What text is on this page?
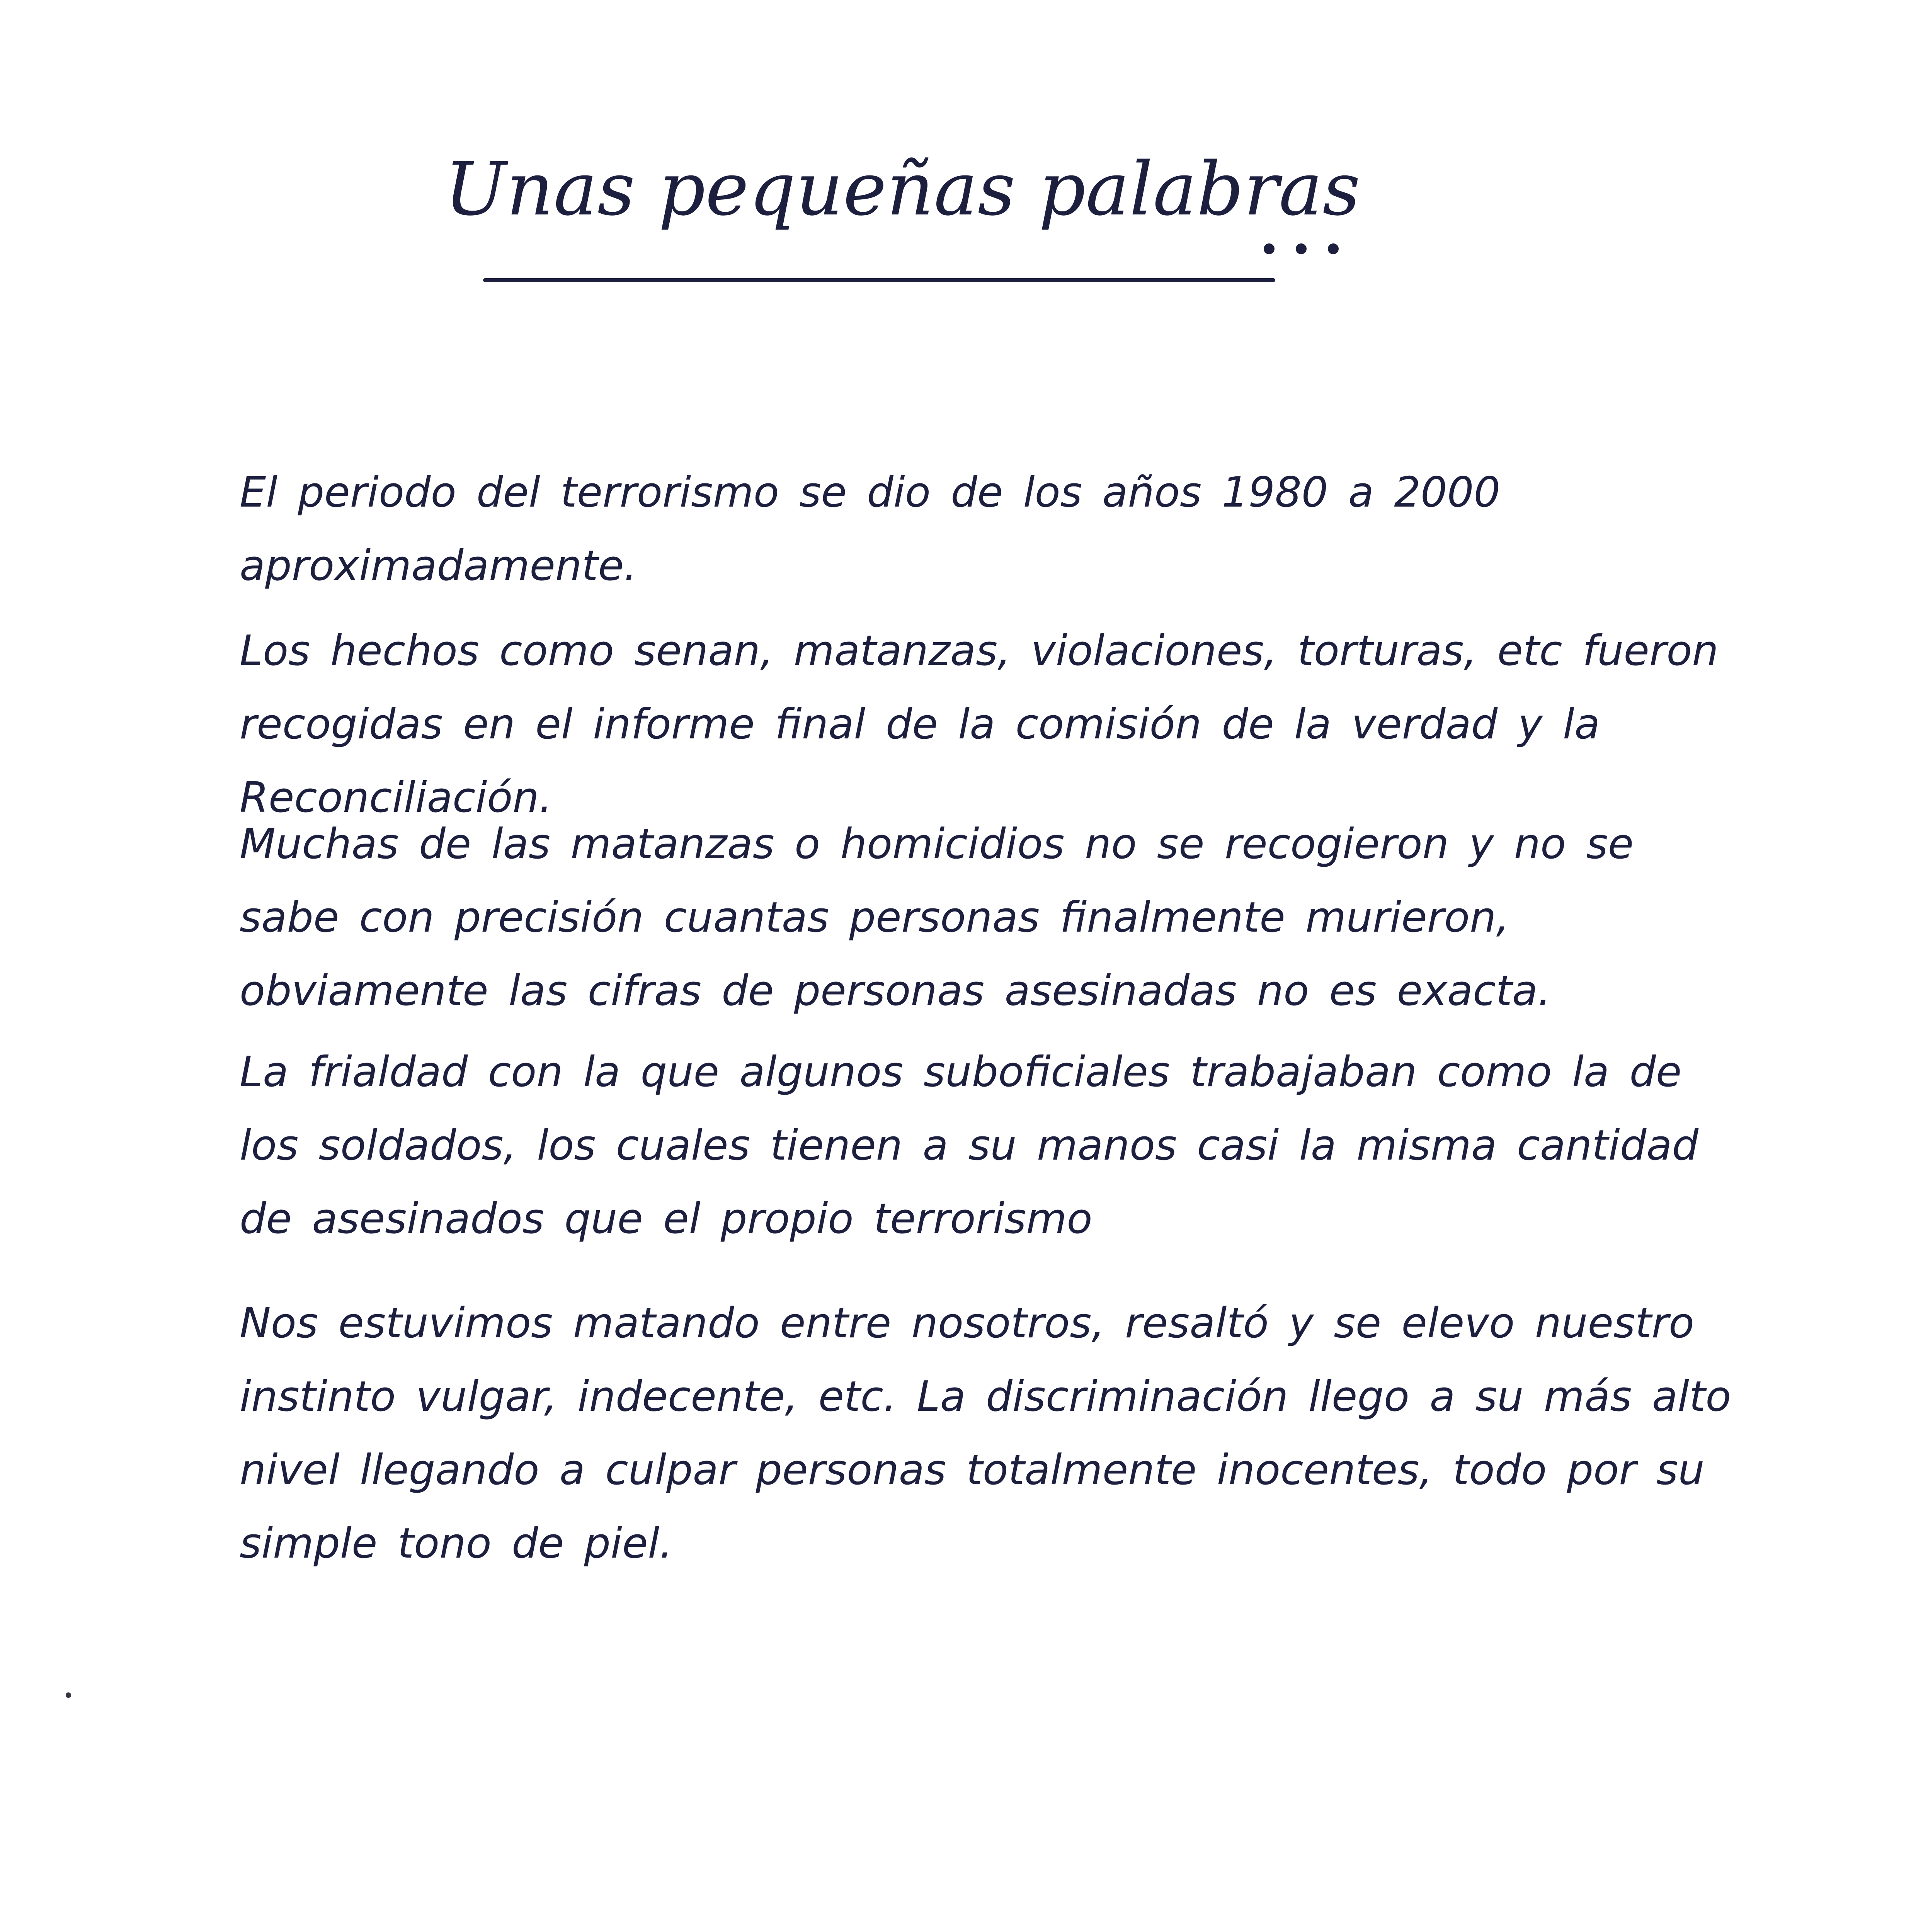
Unas pequeñas palabras
El periodo del terrorismo se dio de los años 1980 a 2000 aproximadamente.
Los hechos como senan, matanzas, violaciones, torturas, etc fueron recogidas en el informe final de la comisión de la verdad y la Reconciliación.
Muchas de las matanzas o homicidios no se recogieron y no se sabe con precisión cuantas personas finalmente murieron, obviamente las cifras de personas asesinadas no es exacta.
La frialdad con la que algunos suboficiales trabajaban como la de los soldados, los cuales tienen a su manos casi la misma cantidad de asesinados que el propio terrorismo
Nos estuvimos matando entre nosotros, resaltó y se elevo nuestro instinto vulgar, indecente, etc. La discriminación llego a su más alto nivel llegando a culpar personas totalmente inocentes, todo por su simple tono de piel.
